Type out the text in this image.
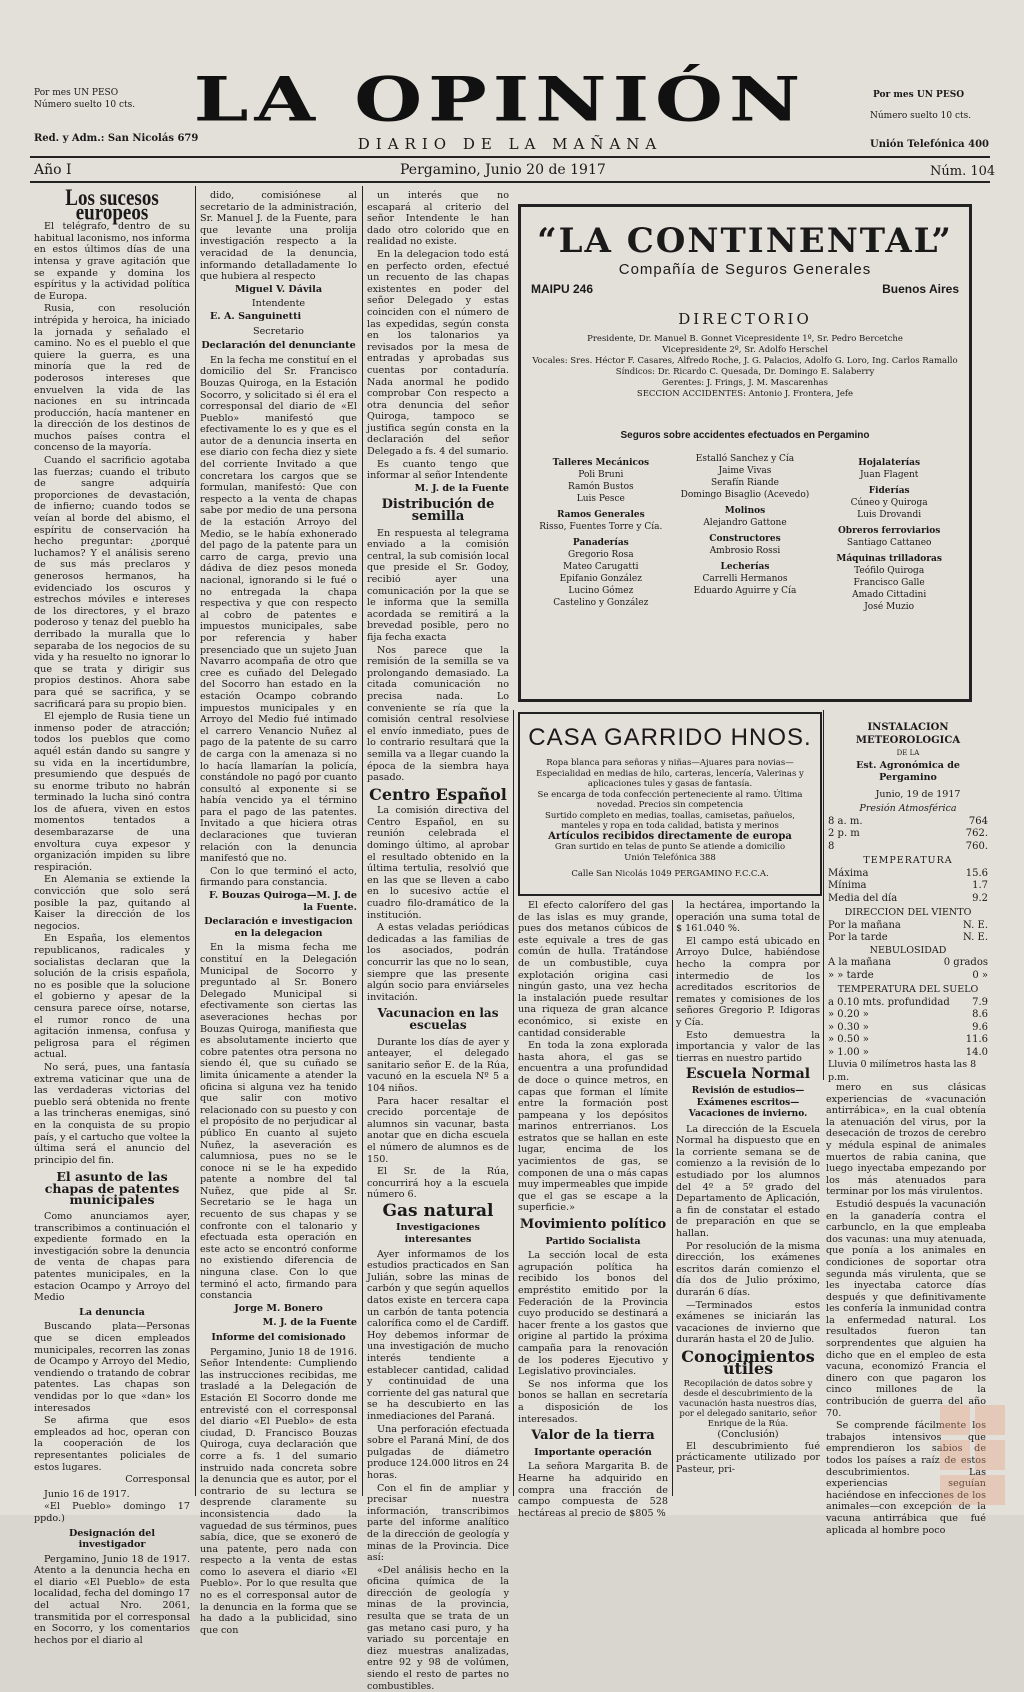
Por mes UN PESO
Número suelto 10 cts.
Red. y Adm.: San Nicolás 679
LA OPINIÓN
DIARIO DE LA MAÑANA
Por mes UN PESO
Número suelto 10 cts.
Unión Telefónica 400
Año I	Pergamino, Junio 20 de 1917	Núm. 104
Los sucesos europeos

El telégrafo, dentro de su habitual laconismo, nos informa en estos últimos días de una intensa y grave agitación que se expande y domina los espíritus y la actividad política de Europa.

Rusia, con resolución intrépida y heroica, ha iniciado la jornada y señalado el camino. No es el pueblo el que quiere la guerra, es una minoría que la red de poderosos intereses que envuelven la vida de las naciones en su intrincada producción, hacía mantener en la dirección de los destinos de muchos países contra el concenso de la mayoría.

Cuando el sacrificio agotaba las fuerzas; cuando el tributo de sangre adquiría proporciones de devastación, de infierno; cuando todos se veían al borde del abismo, el espíritu de conservación ha hecho preguntar: ¿porqué luchamos? Y el análisis sereno de sus más preclaros y generosos hermanos, ha evidenciado los oscuros y estrechos móviles e intereses de los directores, y el brazo poderoso y tenaz del pueblo ha derribado la muralla que lo separaba de los negocios de su vida y ha resuelto no ignorar lo que se trata y dirigir sus propios destinos. Ahora sabe para qué se sacrifica, y se sacrificará para su propio bien.

El ejemplo de Rusia tiene un inmenso poder de atracción; todos los pueblos que como aquél están dando su sangre y su vida en la incertidumbre, presumiendo que después de su enorme tributo no habrán terminado la lucha sinó contra los de afuera, viven en estos momentos tentados a desembarazarse de una envoltura cuya expesor y organización impiden su libre respiración.

En Alemania se extiende la convicción que solo será posible la paz, quitando al Kaiser la dirección de los negocios.

En España, los elementos republicanos, radicales y socialistas declaran que la solución de la crisis española, no es posible que la solucione el gobierno y apesar de la censura parece oírse, notarse, el rumor ronco de una agitación inmensa, confusa y peligrosa para el régimen actual.

No será, pues, una fantasía extrema vaticinar que una de las verdaderas victorias del pueblo será obtenida no frente a las trincheras enemigas, sinó en la conquista de su propio país, y el cartucho que voltee la última será el anuncio del principio del fin.

El asunto de las chapas de patentes municipales

Como anunciamos ayer, transcribimos a continuación el expediente formado en la investigación sobre la denuncia de venta de chapas para patentes municipales, en la estacion Ocampo y Arroyo del Medio

La denuncia

Buscando plata—Personas que se dicen empleados municipales, recorren las zonas de Ocampo y Arroyo del Medio, vendiendo o tratando de cobrar patentes. Las chapas son vendidas por lo que «dan» los interesados

Se afirma que esos empleados ad hoc, operan con la cooperación de los representantes policiales de estos lugares.

Corresponsal

Junio 16 de 1917.

«El Pueblo» domingo 17 ppdo.)

Designación del investigador

Pergamino, Junio 18 de 1917. Atento a la denuncia hecha en el diario «El Pueblo» de esta localidad, fecha del domingo 17 del actual Nro. 2061, transmitida por el corresponsal en Socorro, y los comentarios hechos por el diario al

dido, comisiónese al secretario de la administración, Sr. Manuel J. de la Fuente, para que levante una prolija investigación respecto a la veracidad de la denuncia, informando detalladamente lo que hubiera al respecto

Miguel V. Dávila
Intendente
E. A. Sanguinetti
Secretario
Declaración del denunciante

En la fecha me constituí en el domicilio del Sr. Francisco Bouzas Quiroga, en la Estación Socorro, y solicitado si él era el corresponsal del diario de «El Pueblo» manifestó que efectivamente lo es y que es el autor de a denuncia inserta en ese diario con fecha diez y siete del corriente Invitado a que concretara los cargos que se formulan, manifestó: Que con respecto a la venta de chapas sabe por medio de una persona de la estación Arroyo del Medio, se le había exhonerado del pago de la patente para un carro de carga, previo una dádiva de diez pesos moneda nacional, ignorando si le fué o no entregada la chapa respectiva y que con respecto al cobro de patentes e impuestos municipales, sabe por referencia y haber presenciado que un sujeto Juan Navarro acompaña de otro que cree es cuñado del Delegado del Socorro han estado en la estación Ocampo cobrando impuestos municipales y en Arroyo del Medio fué intimado el carrero Venancio Nuñez al pago de la patente de su carro de carga con la amenaza si no lo hacía llamarían la policía, constándole no pagó por cuanto consultó al exponente si se había vencido ya el término para el pago de las patentes. Invitado a que hiciera otras declaraciones que tuvieran relación con la denuncia manifestó que no.

Con lo que terminó el acto, firmando para constancia.

F. Bouzas Quiroga—M. J. de la Fuente.
Declaración e investigacion en la delegacion

En la misma fecha me constituí en la Delegación Municipal de Socorro y preguntado al Sr. Bonero Delegado Municipal si efectivamente son ciertas las aseveraciones hechas por Bouzas Quiroga, manifiesta que es absolutamente incierto que cobre patentes otra persona no siendo él, que su cuñado se limita únicamente a atender la oficina si alguna vez ha tenido que salir con motivo relacionado con su puesto y con el propósito de no perjudicar al público En cuanto al sujeto Nuñez, la aseveración es calumniosa, pues no se le conoce ni se le ha expedido patente a nombre del tal Nuñez, que pide al Sr. Secretario se le haga un recuento de sus chapas y se confronte con el talonario y efectuada esta operación en este acto se encontró conforme no existiendo diferencia de ninguna clase. Con lo que terminó el acto, firmando para constancia

Jorge M. Bonero
M. J. de la Fuente
Informe del comisionado

Pergamino, Junio 18 de 1916. Señor Intendente: Cumpliendo las instrucciones recibidas, me trasladé a la Delegación de Estación El Socorro donde me entrevisté con el corresponsal del diario «El Pueblo» de esta ciudad, D. Francisco Bouzas Quiroga, cuya declaración que corre a fs. 1 del sumario instruido nada concreta sobre la denuncia que es autor, por el contrario de su lectura se desprende claramente su inconsistencia dado la vaguedad de sus términos, pues sabía, dice, que se exoneró de una patente, pero nada con respecto a la venta de estas como lo asevera el diario «El Pueblo». Por lo que resulta que no es el corresponsal autor de la denuncia en la forma que se ha dado a la publicidad, sino que con

un interés que no escapará al criterio del señor Intendente le han dado otro colorido que en realidad no existe.

En la delegacion todo está en perfecto orden, efectué un recuento de las chapas existentes en poder del señor Delegado y estas coinciden con el número de las expedidas, según consta en los talonarios ya revisados por la mesa de entradas y aprobadas sus cuentas por contaduría. Nada anormal he podido comprobar Con respecto a otra denuncia del señor Quiroga, tampoco se justifica según consta en la declaración del señor Delegado a fs. 4 del sumario.

Es cuanto tengo que informar al señor Intendente

M. J. de la Fuente
Distribución de semilla

En respuesta al telegrama enviado a la comisión central, la sub comisión local que preside el Sr. Godoy, recibió ayer una comunicación por la que se le informa que la semilla acordada se remitirá a la brevedad posible, pero no fija fecha exacta

Nos parece que la remisión de la semilla se va prolongando demasiado. La citada comunicación no precisa nada. Lo conveniente se ría que la comisión central resolviese el envío inmediato, pues de lo contrario resultará que la semilla va a llegar cuando la época de la siembra haya pasado.

Centro Español

La comisión directiva del Centro Español, en su reunión celebrada el domingo último, al aprobar el resultado obtenido en la última tertulia, resolvió que en las que se lleven a cabo en lo sucesivo actúe el cuadro filo-dramático de la institución.

A estas veladas periódicas dedicadas a las familias de los asociados, podrán concurrir las que no lo sean, siempre que las presente algún socio para enviárseles invitación.

Vacunacion en las escuelas

Durante los días de ayer y anteayer, el delegado sanitario señor E. de la Rúa, vacunó en la escuela Nº 5 a 104 niños.

Para hacer resaltar el crecido porcentaje de alumnos sin vacunar, basta anotar que en dicha escuela el número de alumnos es de 150.

El Sr. de la Rúa, concurrirá hoy a la escuela número 6.

Gas natural
Investigaciones interesantes

Ayer informamos de los estudios practicados en San Julián, sobre las minas de carbón y que según aquellos datos existe en tercera capa un carbón de tanta potencia calorífica como el de Cardiff. Hoy debemos informar de una investigación de mucho interés tendiente a establecer cantidad, calidad y continuidad de una corriente del gas natural que se ha descubierto en las inmediaciones del Paraná.

Una perforación efectuada sobre el Paraná Miní, de dos pulgadas de diámetro produce 124.000 litros en 24 horas.

Con el fin de ampliar y precisar nuestra información, transcribimos parte del informe analítico de la dirección de geología y minas de la Provincia. Dice así:

«Del análisis hecho en la oficina química de la dirección de geología y minas de la provincia, resulta que se trata de un gas metano casi puro, y ha variado su porcentaje en diez muestras analizadas, entre 92 y 98 de volúmen, siendo el resto de partes no combustibles.

“LA CONTINENTAL”
Compañía de Seguros Generales
MAIPU 246	Buenos Aires
DIRECTORIO
Presidente, Dr. Manuel B. Gonnet Vicepresidente 1º, Sr. Pedro Bercetche
Vicepresidente 2º, Sr. Adolfo Herschel
Vocales: Sres. Héctor F. Casares, Alfredo Roche, J. G. Palacios, Adolfo G. Loro, Ing. Carlos Ramallo
Síndicos: Dr. Ricardo C. Quesada, Dr. Domingo E. Salaberry
Gerentes: J. Frings, J. M. Mascarenhas
SECCION ACCIDENTES: Antonio J. Frontera, Jefe
Seguros sobre accidentes efectuados en Pergamino
Talleres Mecánicos
Poli Bruni
Ramón Bustos
Luis Pesce
Ramos Generales
Risso, Fuentes Torre y Cía.
Panaderías
Gregorio Rosa
Mateo Carugatti
Epifanio González
Lucino Gómez
Castelino y González
Estalló Sanchez y Cía
Jaime Vivas
Serafín Riande
Domingo Bisaglio (Acevedo)
Molinos
Alejandro Gattone
Constructores
Ambrosio Rossi
Lecherías
Carrelli Hermanos
Eduardo Aguirre y Cía
Hojalaterías
Juan Flagent
Fiderías
Cúneo y Quiroga
Luis Drovandi
Obreros ferroviarios
Santiago Cattaneo
Máquinas trilladoras
Teófilo Quiroga
Francisco Galle
Amado Cittadini
José Muzio
CASA GARRIDO HNOS.
Ropa blanca para señoras y niñas—Ajuares para novias—Especialidad en medias de hilo, carteras, lencería, Valerinas y aplicaciones tules y gasas de fantasía.
Se encarga de toda confección perteneciente al ramo. Última novedad. Precios sin competencia
Surtido completo en medias, toallas, camisetas, pañuelos, manteles y ropa en toda calidad, batista y merinos
Artículos recibidos directamente de europa
Gran surtido en telas de punto Se atiende a domicilio
Unión Telefónica 388
Calle San Nicolás 1049 PERGAMINO F.C.C.A.

El efecto calorífero del gas de las islas es muy grande, pues dos metanos cúbicos de este equivale a tres de gas común de hulla. Tratándose de un combustible, cuya explotación origina casi ningún gasto, una vez hecha la instalación puede resultar una riqueza de gran alcance económico, si existe en cantidad considerable

En toda la zona explorada hasta ahora, el gas se encuentra a una profundidad de doce o quince metros, en capas que forman el límite entre la formación post pampeana y los depósitos marinos entrerrianos. Los estratos que se hallan en este lugar, encima de los yacimientos de gas, se componen de una o más capas muy impermeables que impide que el gas se escape a la superficie.»

Movimiento político
Partido Socialista

La sección local de esta agrupación política ha recibido los bonos del empréstito emitido por la Federación de la Provincia cuyo producido se destinará a hacer frente a los gastos que origine al partido la próxima campaña para la renovación de los poderes Ejecutivo y Legislativo provinciales.

Se nos informa que los bonos se hallan en secretaría a disposición de los interesados.

Valor de la tierra
Importante operación

La señora Margarita B. de Hearne ha adquirido en compra una fracción de campo compuesta de 528 hectáreas al precio de $805 %

la hectárea, importando la operación una suma total de $ 161.040 %.

El campo está ubicado en Arroyo Dulce, habiéndose hecho la compra por intermedio de los acreditados escritorios de remates y comisiones de los señores Gregorio P. Idigoras y Cía.

Esto demuestra la importancia y valor de las tierras en nuestro partido

Escuela Normal
Revisión de estudios—Exámenes escritos—Vacaciones de invierno.

La dirección de la Escuela Normal ha dispuesto que en la corriente semana se de comienzo a la revisión de lo estudiado por los alumnos del 4º a 5º grado del Departamento de Aplicación, a fin de constatar el estado de preparación en que se hallan.

Por resolución de la misma dirección, los exámenes escritos darán comienzo el día dos de Julio próximo, durarán 6 días.

—Terminados estos exámenes se iniciarán las vacaciones de invierno que durarán hasta el 20 de Julio.

Conocimientos útiles
Recopilación de datos sobre y desde el descubrimiento de la vacunación hasta nuestros días, por el delegado sanitario, señor Enrique de la Rúa.
(Conclusión)

El descubrimiento fué prácticamente utilizado por Pasteur, pri-

INSTALACION METEOROLOGICA
DE LA
Est. Agronómica de Pergamino
Junio, 19 de 1917
Presión Atmosférica
8 a. m.	764
2 p. m	762.
8	760.
TEMPERATURA
Máxima	15.6
Mínima	1.7
Media del día	9.2
DIRECCION DEL VIENTO
Por la mañana	N. E.
Por la tarde	N. E.
NEBULOSIDAD
A la mañana	0 grados
» » tarde	0 »
TEMPERATURA DEL SUELO
a 0.10 mts. profundidad	7.9
» 0.20 »	8.6
» 0.30 »	9.6
» 0.50 »	11.6
» 1.00 »	14.0
Lluvia 0 milímetros hasta las 8 p.m.

mero en sus clásicas experiencias de «vacunación antirrábica», en la cual obtenía la atenuación del virus, por la desecación de trozos de cerebro y médula espinal de animales muertos de rabia canina, que luego inyectaba empezando por los más atenuados para terminar por los más virulentos.

Estudió después la vacunación en la ganadería contra el carbunclo, en la que empleaba dos vacunas: una muy atenuada, que ponía a los animales en condiciones de soportar otra segunda más virulenta, que se les inyectaba catorce días después y que definitivamente les confería la inmunidad contra la enfermedad natural. Los resultados fueron tan sorprendentes que alguien ha dicho que en el empleo de esta vacuna, economizó Francia el dinero con que pagaron los cinco millones de la contribución de guerra del año 70.

Se comprende fácilmente los trabajos intensivos que emprendieron los sabios de todos los países a raíz de estos descubrimientos. Las experiencias seguían haciéndose en infecciones de los animales—con excepción de la vacuna antirrábica que fué aplicada al hombre poco
